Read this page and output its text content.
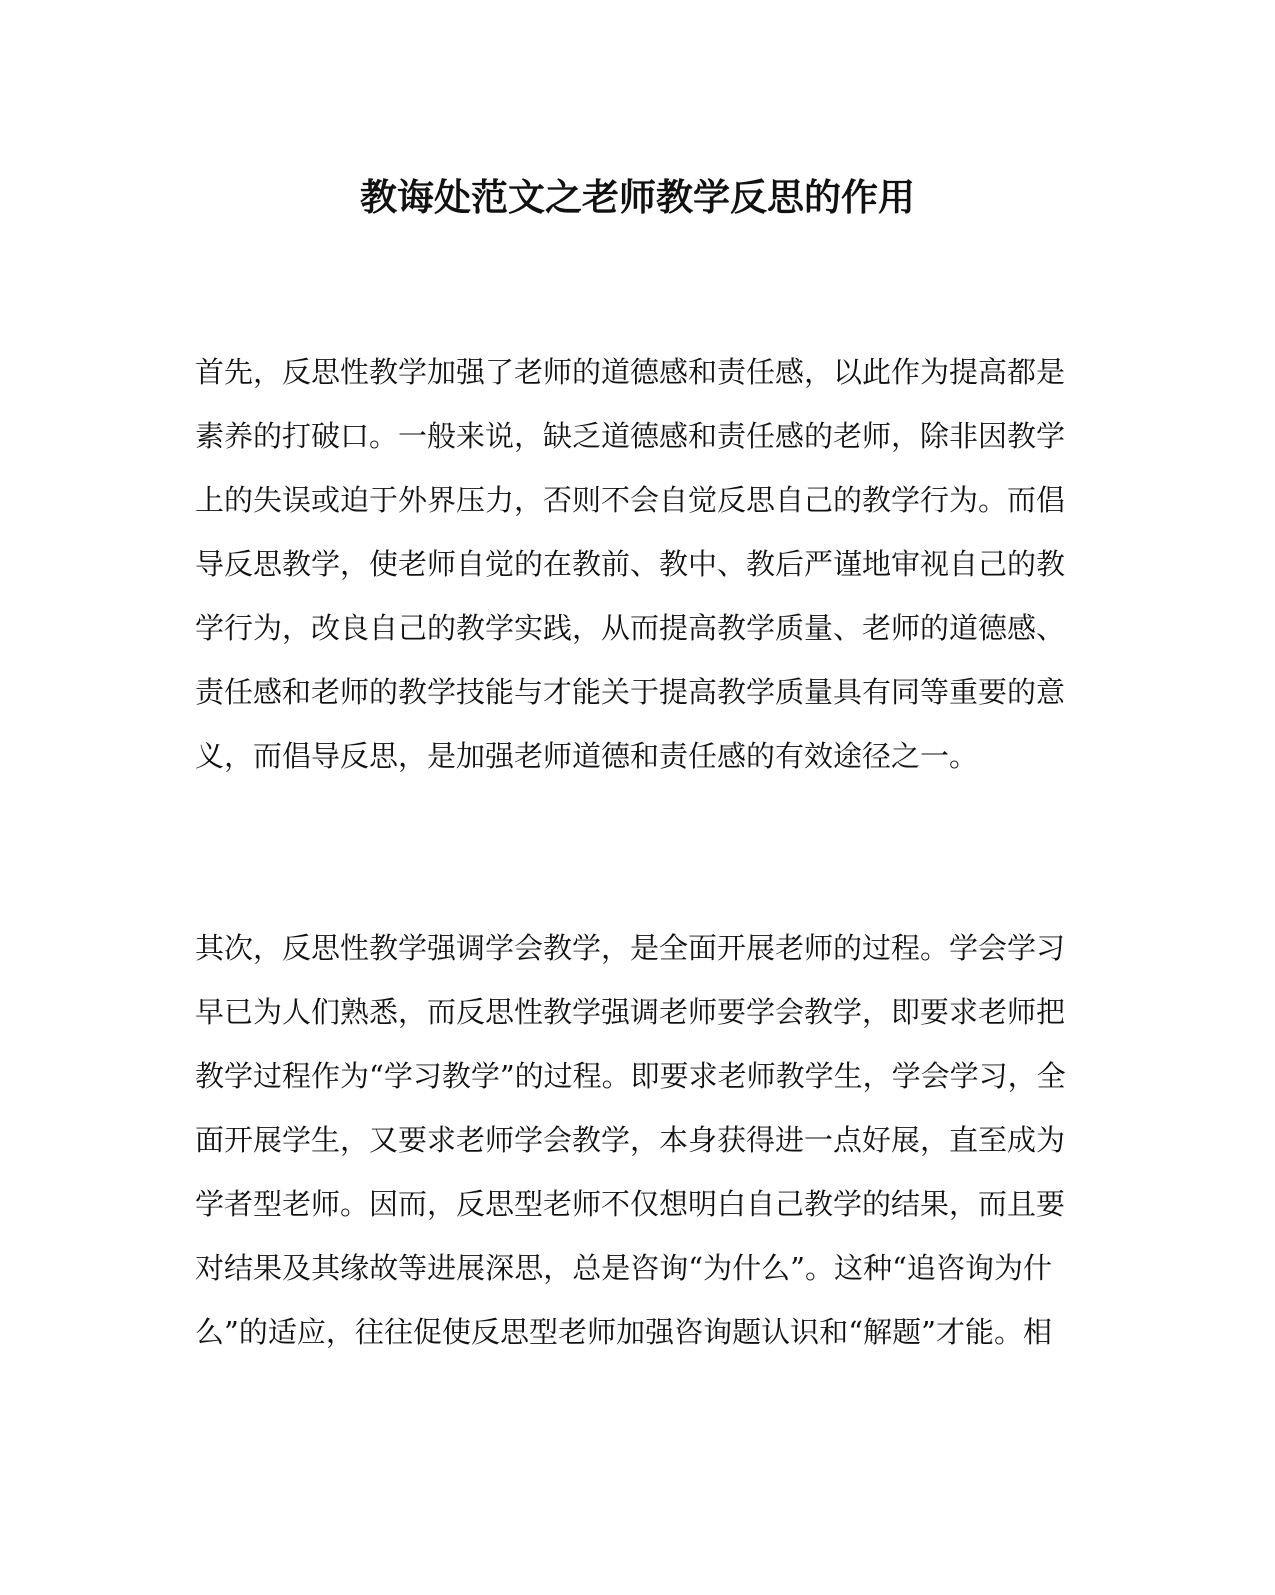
教诲处范文之老师教学反思的作用
首先，反思性教学加强了老师的道德感和责任感，以此作为提高都是
素养的打破口。一般来说，缺乏道德感和责任感的老师，除非因教学
上的失误或迫于外界压力，否则不会自觉反思自己的教学行为。而倡
导反思教学，使老师自觉的在教前、教中、教后严谨地审视自己的教
学行为，改良自己的教学实践，从而提高教学质量、老师的道德感、
责任感和老师的教学技能与才能关于提高教学质量具有同等重要的意
义，而倡导反思，是加强老师道德和责任感的有效途径之一。
其次，反思性教学强调学会教学，是全面开展老师的过程。学会学习
早已为人们熟悉，而反思性教学强调老师要学会教学，即要求老师把
教学过程作为“学习教学”的过程。即要求老师教学生，学会学习，全
面开展学生，又要求老师学会教学，本身获得进一点好展，直至成为
学者型老师。因而，反思型老师不仅想明白自己教学的结果，而且要
对结果及其缘故等进展深思，总是咨询“为什么”。这种“追咨询为什
么”的适应，往往促使反思型老师加强咨询题认识和“解题”才能。相
